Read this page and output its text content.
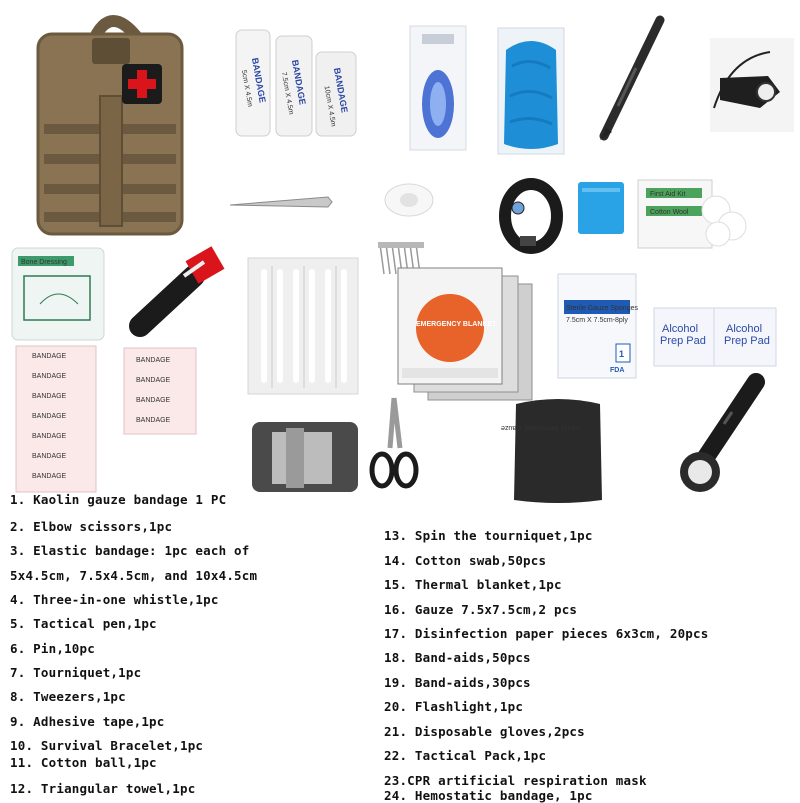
BANDAGE BANDAGE	BANDAGE
5cm X 4.5m	7.5cm X 4.5m	10cm X 4.5m
First Aid Kit
Cotton Wool
Bone Dressing
EMERGENCY BLANKET
Sterile Gauze Sponges
7.5cm X 7.5cm-8ply
1
FDA
Alcohol
Prep Pad
Alcohol
Prep Pad
BANDAGE
BANDAGE
BANDAGE
BANDAGE
BANDAGE
BANDAGE
BANDAGE
BANDAGE
BANDAGE
BANDAGE
BANDAGE
Kaolin Hemostatic Gauze
1. Kaolin gauze bandage 1 PC
2. Elbow scissors,1pc
3. Elastic bandage: 1pc each of
5x4.5cm, 7.5x4.5cm, and 10x4.5cm
4. Three-in-one whistle,1pc
5. Tactical pen,1pc
6. Pin,10pc
7. Tourniquet,1pc
8. Tweezers,1pc
9. Adhesive tape,1pc
10. Survival Bracelet,1pc
11. Cotton ball,1pc
12. Triangular towel,1pc
13. Spin the tourniquet,1pc
14. Cotton swab,50pcs
15. Thermal blanket,1pc
16. Gauze 7.5x7.5cm,2 pcs
17. Disinfection paper pieces 6x3cm, 20pcs
18. Band-aids,50pcs
19. Band-aids,30pcs
20. Flashlight,1pc
21. Disposable gloves,2pcs
22. Tactical Pack,1pc
23.CPR artificial respiration mask
24. Hemostatic bandage, 1pc
